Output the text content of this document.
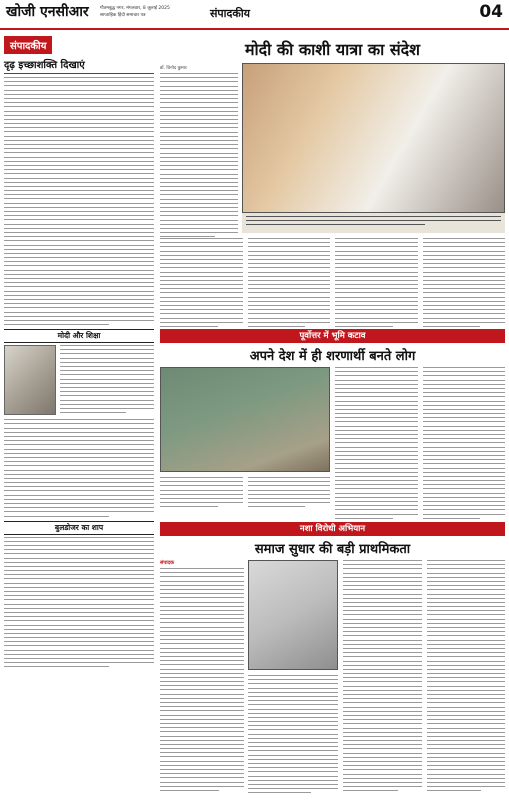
खोजी एनसीआर	गौतमबुद्ध नगर, मंगलवार, 8 जुलाई 2025
साप्ताहिक हिंदी समाचार पत्र	संपादकीय	04
संपादकीय
दृढ़ इच्छाशक्ति दिखाएं
मोदी और शिक्षा
बुलडोजर का शाप
मोदी की काशी यात्रा का संदेश
डॉ. विनोद कुमार
पूर्वोत्तर में भूमि कटाव
अपने देश में ही शरणार्थी बनते लोग
नशा विरोधी अभियान
समाज सुधार की बड़ी प्राथमिकता
संपादक
